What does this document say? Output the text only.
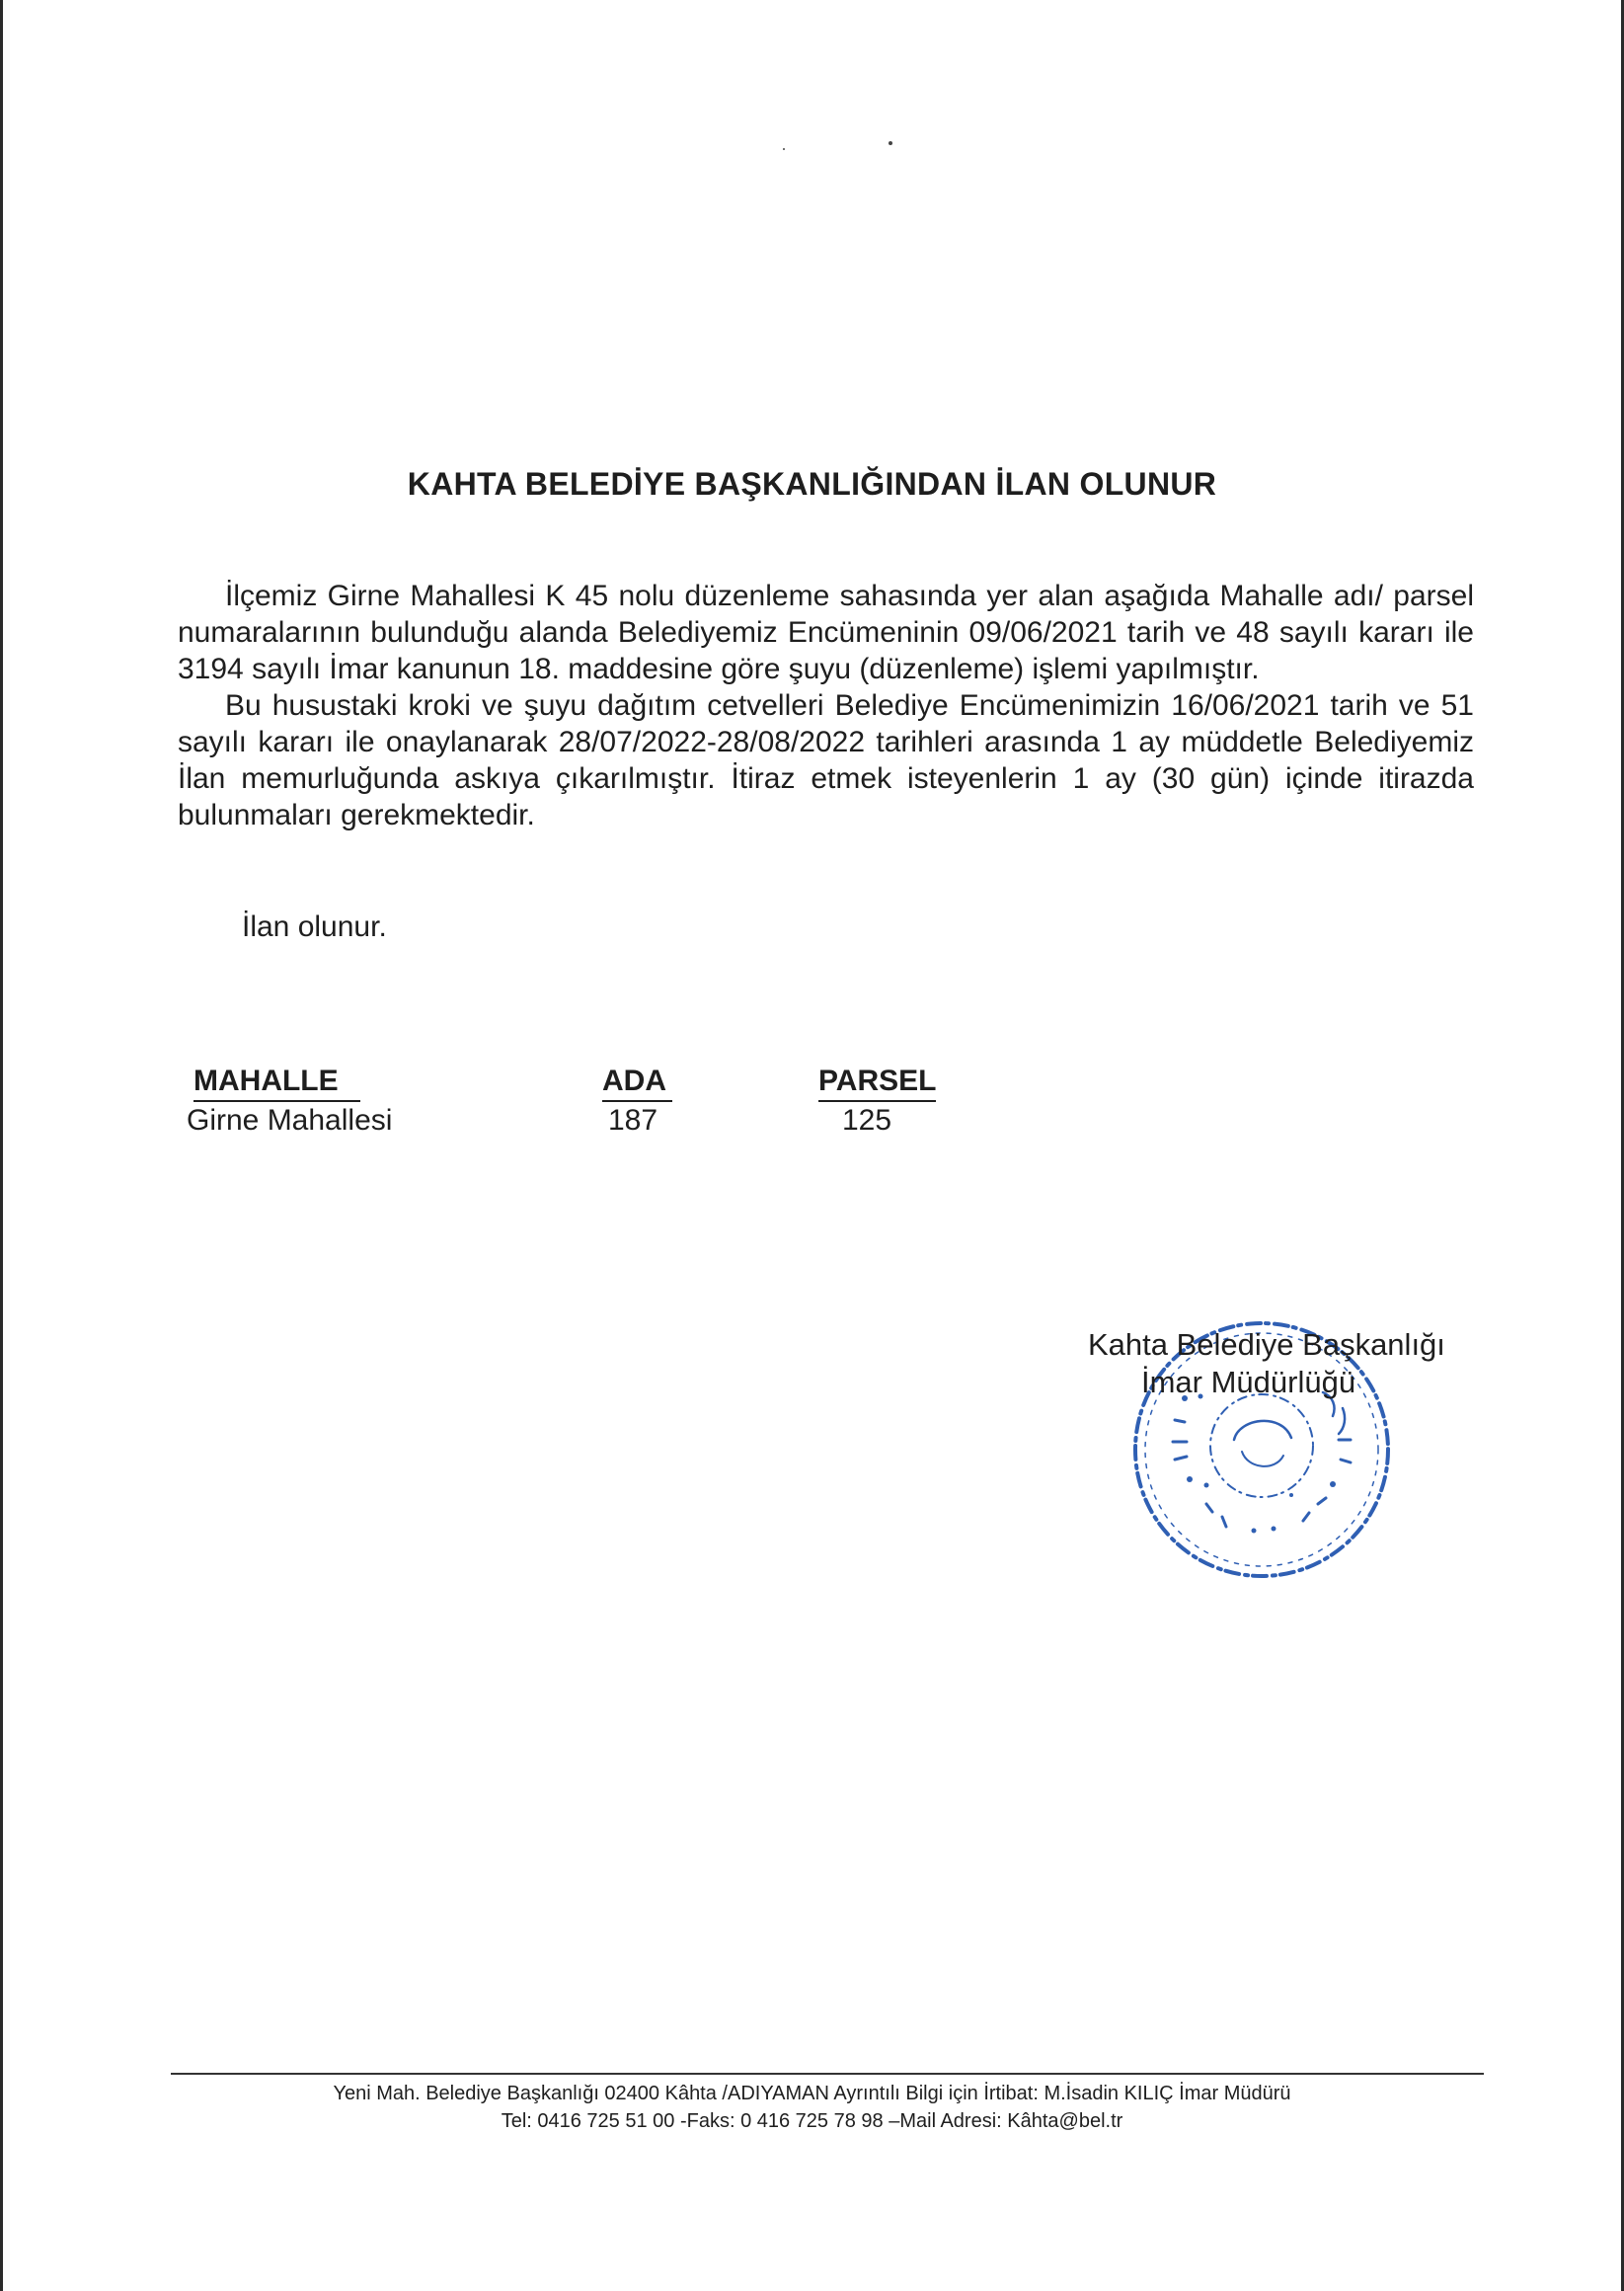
KAHTA BELEDİYE BAŞKANLIĞINDAN İLAN OLUNUR

İlçemiz Girne Mahallesi K 45 nolu düzenleme sahasında yer alan aşağıda Mahalle adı/ parsel numaralarının bulunduğu alanda Belediyemiz Encümeninin 09/06/2021 tarih ve 48 sayılı kararı ile 3194 sayılı İmar kanunun 18. maddesine göre şuyu (düzenleme) işlemi yapılmıştır.

Bu husustaki kroki ve şuyu dağıtım cetvelleri Belediye Encümenimizin 16/06/2021 tarih ve 51 sayılı kararı ile onaylanarak 28/07/2022-28/08/2022 tarihleri arasında 1 ay müddetle Belediyemiz İlan memurluğunda askıya çıkarılmıştır. İtiraz etmek isteyenlerin 1 ay (30 gün) içinde itirazda bulunmaları gerekmektedir.

İlan olunur.
MAHALLE
Girne Mahallesi
ADA
187
PARSEL
125
Kahta Belediye Başkanlığı
İmar Müdürlüğü
Yeni Mah. Belediye Başkanlığı 02400 Kâhta /ADIYAMAN Ayrıntılı Bilgi için İrtibat: M.İsadin KILIÇ İmar Müdürü
Tel: 0416 725 51 00 -Faks: 0 416 725 78 98 –Mail Adresi: Kâhta@bel.tr
